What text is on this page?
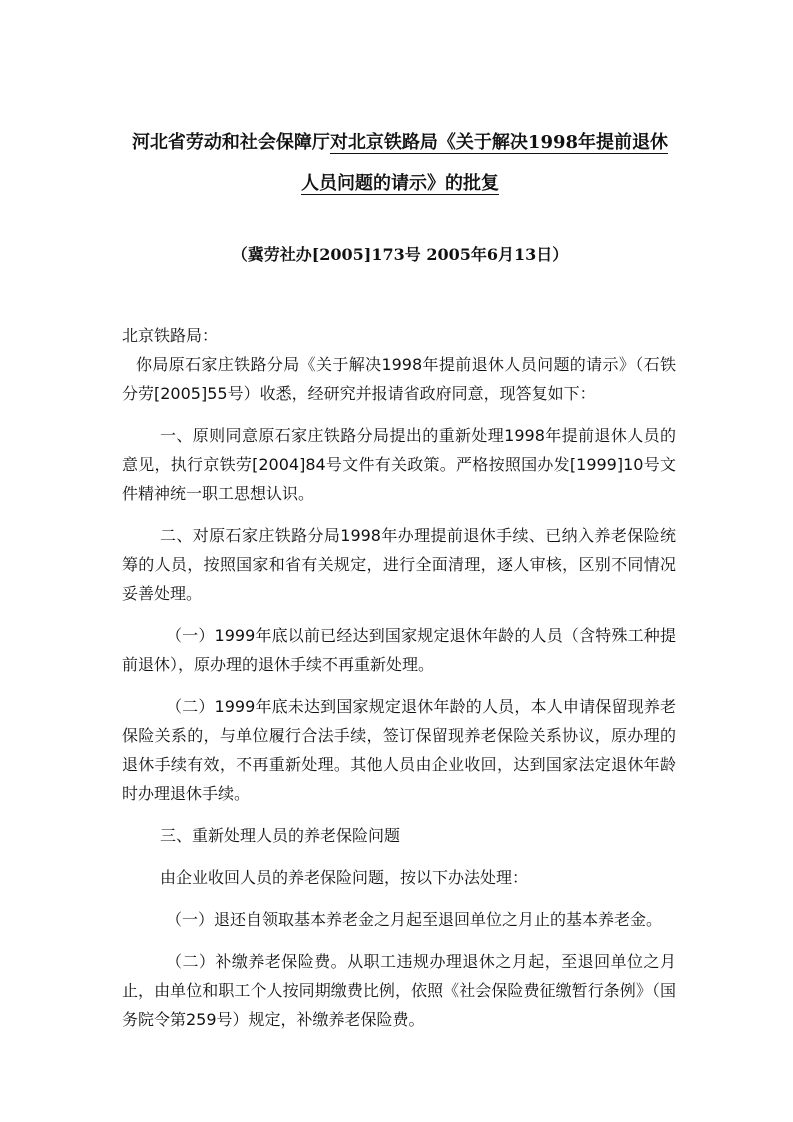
河北省劳动和社会保障厅对北京铁路局《关于解决1998年提前退休
人员问题的请示》的批复
（冀劳社办[2005]173号 2005年6月13日）

北京铁路局：

你局原石家庄铁路分局《关于解决1998年提前退休人员问题的请示》（石铁分劳[2005]55号）收悉，经研究并报请省政府同意，现答复如下：

一、原则同意原石家庄铁路分局提出的重新处理1998年提前退休人员的意见，执行京铁劳[2004]84号文件有关政策。严格按照国办发[1999]10号文件精神统一职工思想认识。

二、对原石家庄铁路分局1998年办理提前退休手续、已纳入养老保险统筹的人员，按照国家和省有关规定，进行全面清理，逐人审核，区别不同情况妥善处理。

（一）1999年底以前已经达到国家规定退休年龄的人员（含特殊工种提前退休），原办理的退休手续不再重新处理。

（二）1999年底未达到国家规定退休年龄的人员，本人申请保留现养老保险关系的，与单位履行合法手续，签订保留现养老保险关系协议，原办理的退休手续有效，不再重新处理。其他人员由企业收回，达到国家法定退休年龄时办理退休手续。

三、重新处理人员的养老保险问题

由企业收回人员的养老保险问题，按以下办法处理：

（一）退还自领取基本养老金之月起至退回单位之月止的基本养老金。

（二）补缴养老保险费。从职工违规办理退休之月起，至退回单位之月止，由单位和职工个人按同期缴费比例，依照《社会保险费征缴暂行条例》（国务院令第259号）规定，补缴养老保险费。
